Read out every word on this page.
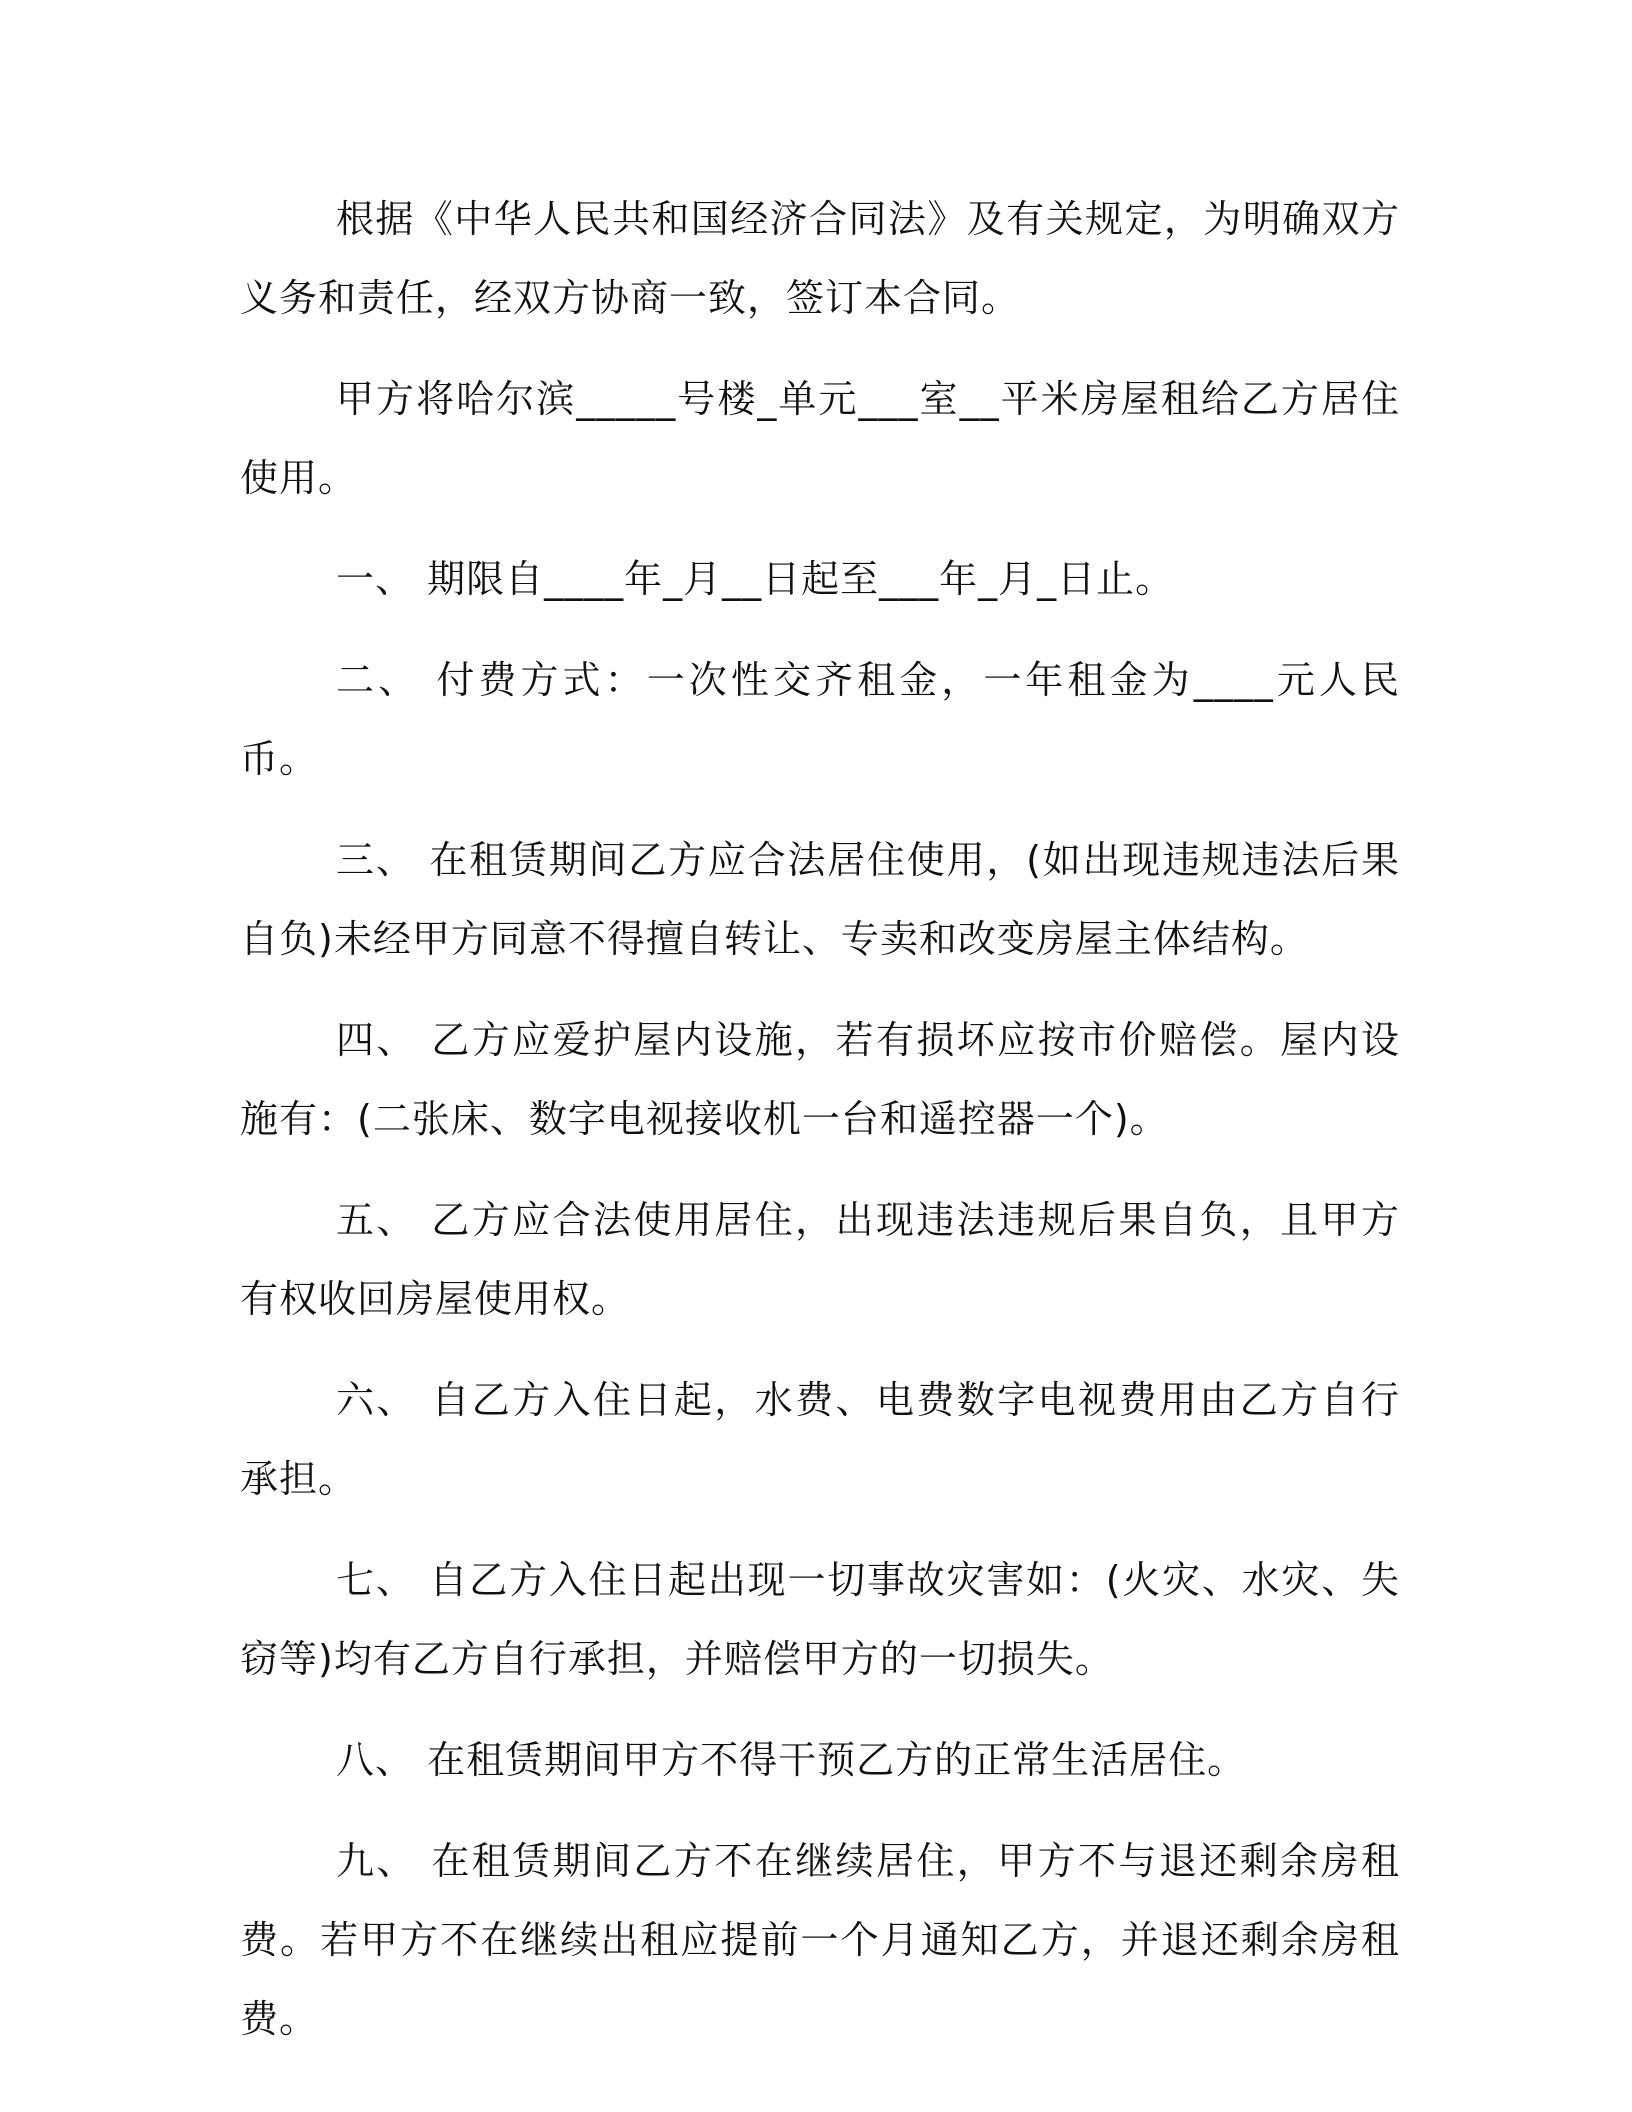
根据《中华人民共和国经济合同法》及有关规定，为明确双方义务和责任，经双方协商一致，签订本合同。

甲方将哈尔滨_____号楼_单元___室__平米房屋租给乙方居住使用。

一、 期限自____年_月__日起至___年_月_日止。

二、 付费方式：一次性交齐租金，一年租金为____元人民币。

三、 在租赁期间乙方应合法居住使用，(如出现违规违法后果自负)未经甲方同意不得擅自转让、专卖和改变房屋主体结构。

四、 乙方应爱护屋内设施，若有损坏应按市价赔偿。屋内设施有：(二张床、数字电视接收机一台和遥控器一个)。

五、 乙方应合法使用居住，出现违法违规后果自负，且甲方有权收回房屋使用权。

六、 自乙方入住日起，水费、电费数字电视费用由乙方自行承担。

七、 自乙方入住日起出现一切事故灾害如：(火灾、水灾、失窃等)均有乙方自行承担，并赔偿甲方的一切损失。

八、 在租赁期间甲方不得干预乙方的正常生活居住。

九、 在租赁期间乙方不在继续居住，甲方不与退还剩余房租费。若甲方不在继续出租应提前一个月通知乙方，并退还剩余房租费。
